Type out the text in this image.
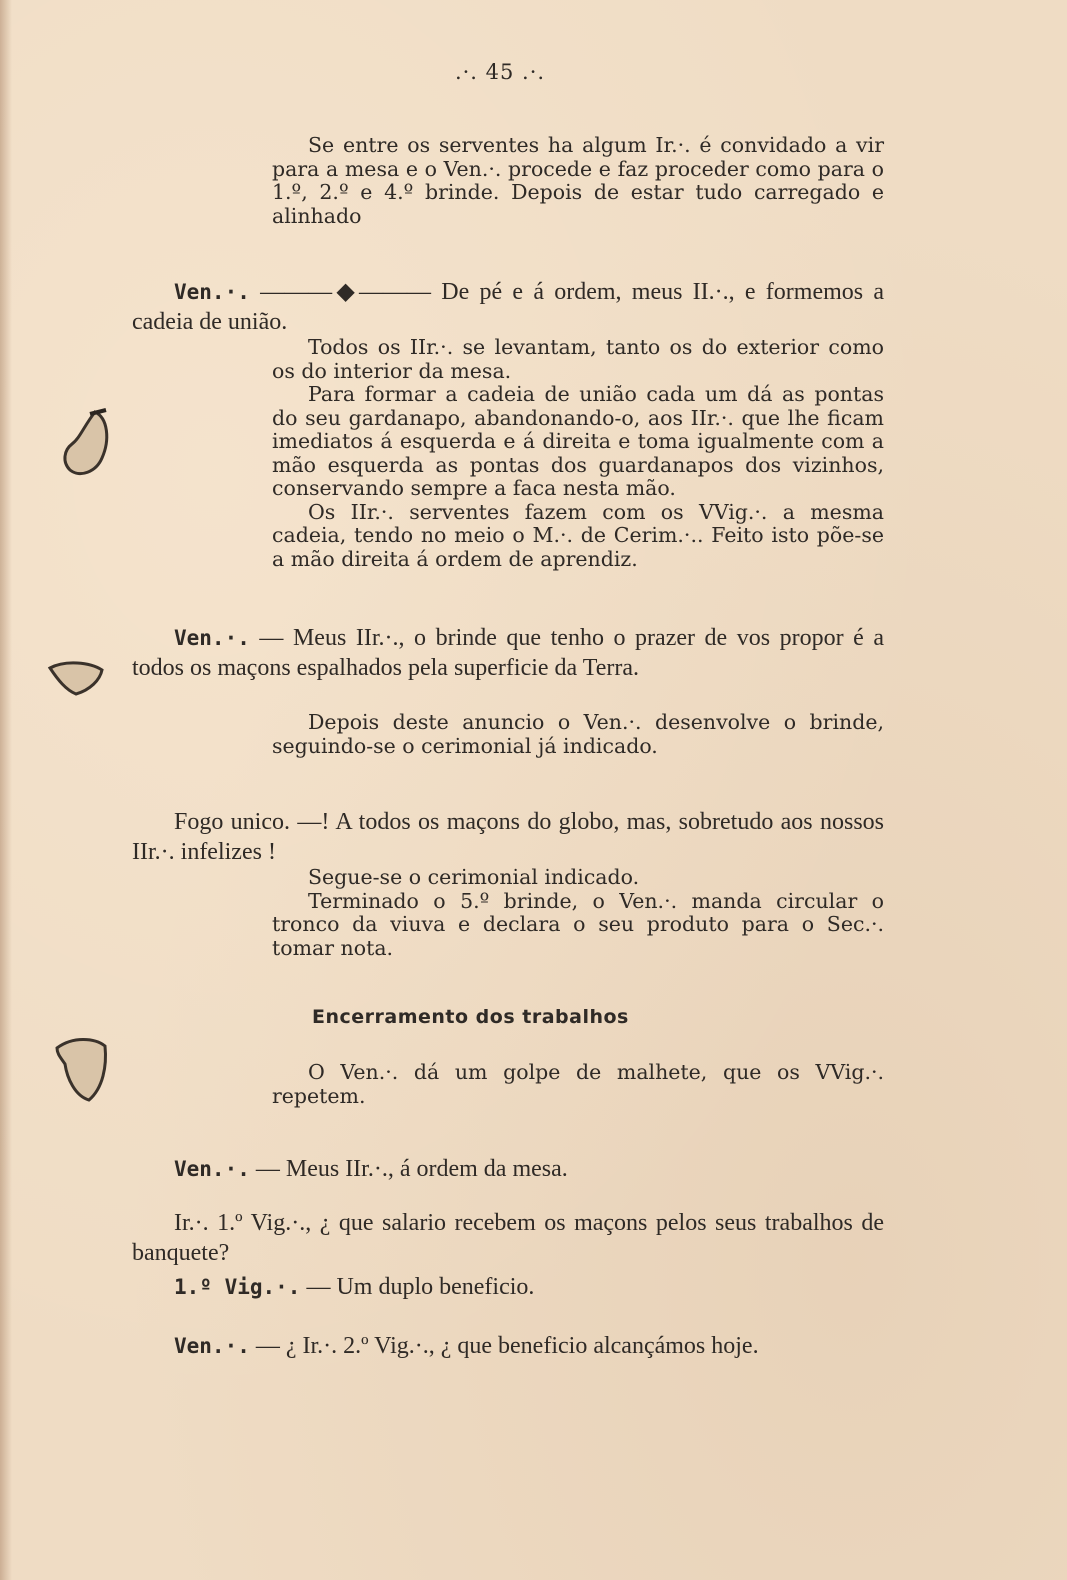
.·. 45 .·.

Se entre os serventes ha algum Ir.·. é convidado a vir para a mesa e o Ven.·. procede e faz proceder como para o 1.º, 2.º e 4.º brinde. Depois de estar tudo carregado e alinhado

Ven.·. ———◆——— De pé e á ordem, meus II.·., e formemos a cadeia de união.

Todos os IIr.·. se levantam, tanto os do exterior como os do interior da mesa.

Para formar a cadeia de união cada um dá as pontas do seu gardanapo, abandonando-o, aos IIr.·. que lhe ficam imediatos á esquerda e á direita e toma igualmente com a mão esquerda as pontas dos guardanapos dos vizinhos, conservando sempre a faca nesta mão.

Os IIr.·. serventes fazem com os VVig.·. a mesma cadeia, tendo no meio o M.·. de Cerim.·.. Feito isto põe-se a mão direita á ordem de aprendiz.

Ven.·. — Meus IIr.·., o brinde que tenho o prazer de vos propor é a todos os maçons espalhados pela superficie da Terra.

Depois deste anuncio o Ven.·. desenvolve o brinde, seguindo-se o cerimonial já indicado.

Fogo unico. —! A todos os maçons do globo, mas, sobretudo aos nossos IIr.·. infelizes !

Segue-se o cerimonial indicado.

Terminado o 5.º brinde, o Ven.·. manda circular o tronco da viuva e declara o seu produto para o Sec.·. tomar nota.

Encerramento dos trabalhos

O Ven.·. dá um golpe de malhete, que os VVig.·. repetem.

Ven.·. — Meus IIr.·., á ordem da mesa.

Ir.·. 1.º Vig.·., ¿ que salario recebem os maçons pelos seus trabalhos de banquete?

1.º Vig.·. — Um duplo beneficio.

Ven.·. — ¿ Ir.·. 2.º Vig.·., ¿ que beneficio alcançámos hoje.
